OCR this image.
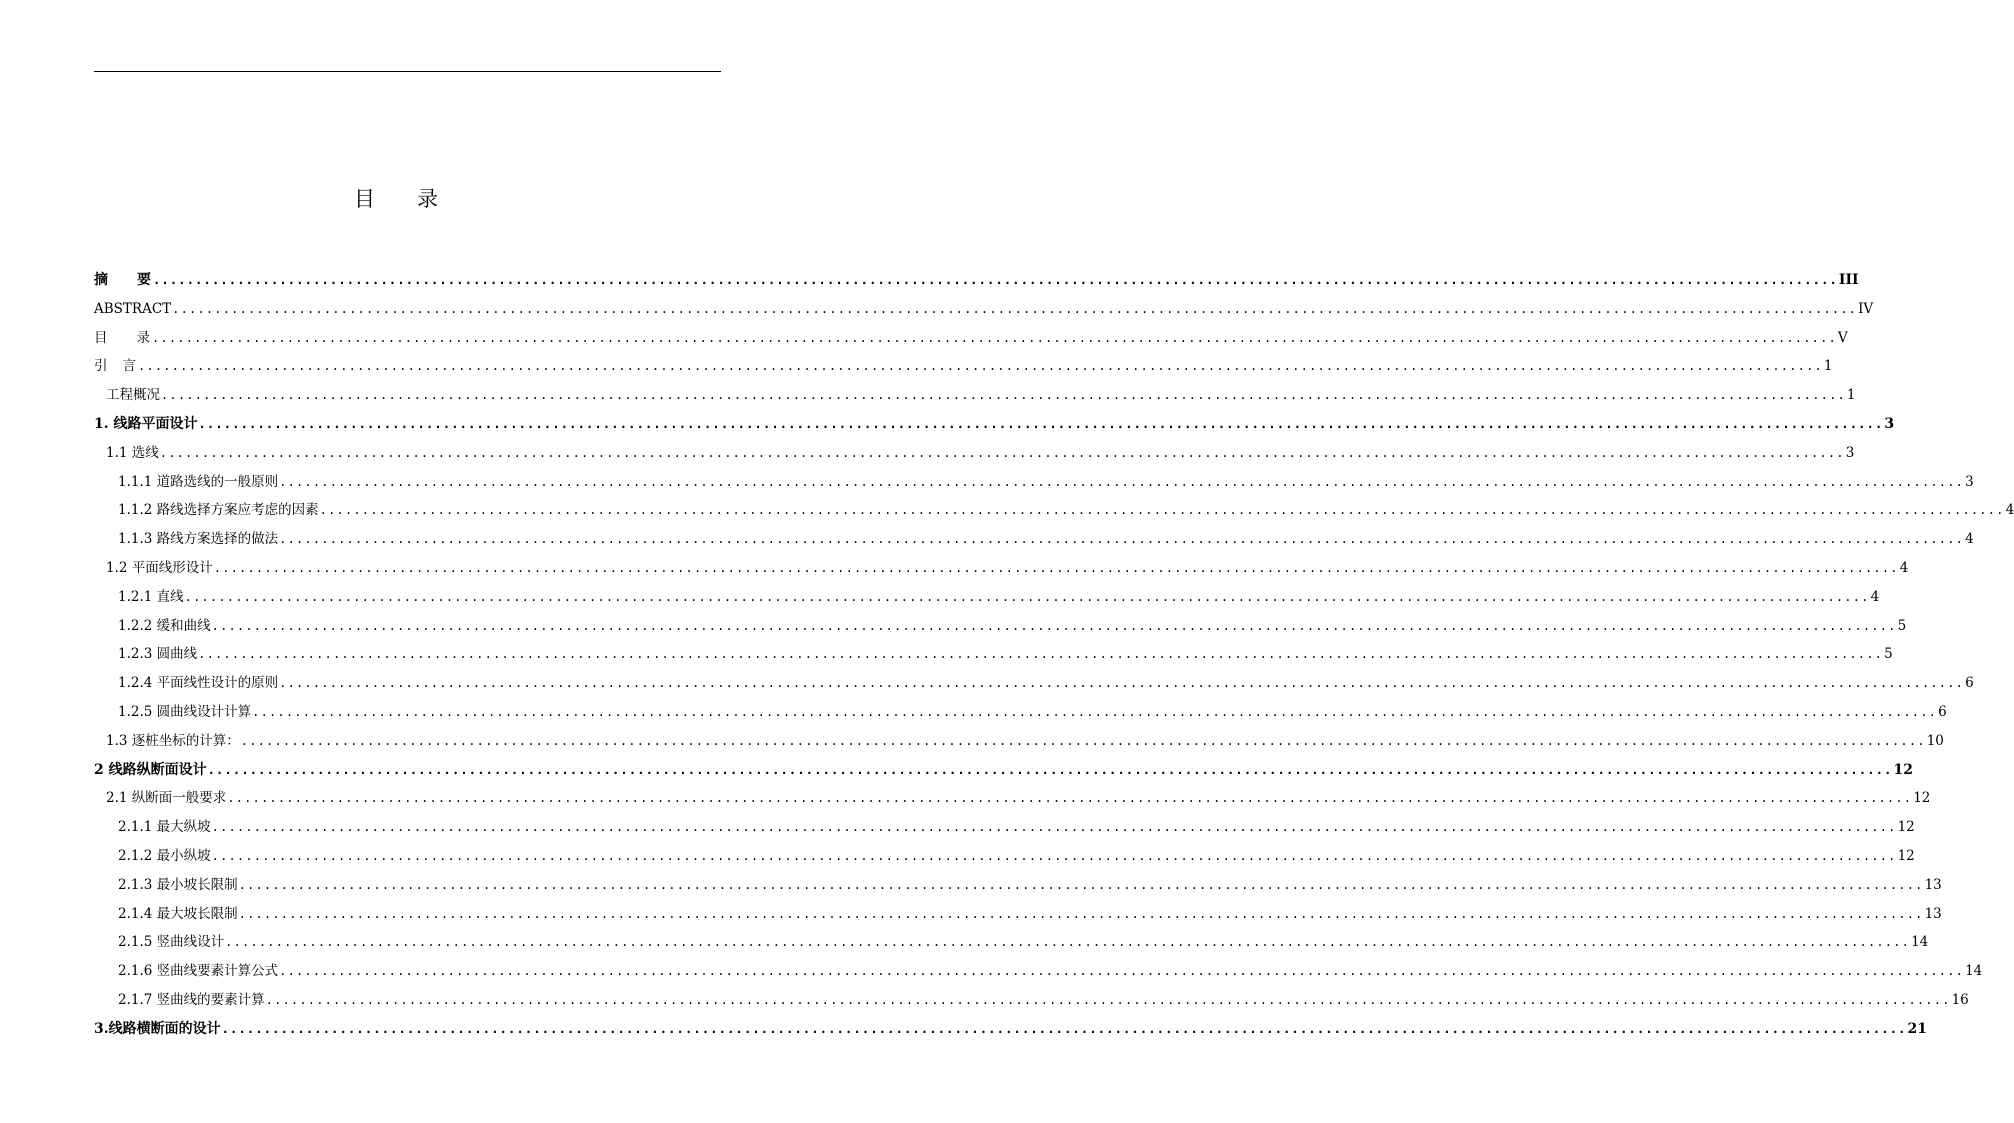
目 录
摘 要 ........................................................................................................................................................................................................ III
ABSTRACT ........................................................................................................................................................................................................ IV
目 录 ........................................................................................................................................................................................................ V
引 言 ........................................................................................................................................................................................................ 1
工程概况 ........................................................................................................................................................................................................ 1
1. 线路平面设计 ........................................................................................................................................................................................................ 3
1.1 选线 ........................................................................................................................................................................................................ 3
1.1.1 道路选线的一般原则 ........................................................................................................................................................................................................ 3
1.1.2 路线选择方案应考虑的因素 ........................................................................................................................................................................................................ 4
1.1.3 路线方案选择的做法 ........................................................................................................................................................................................................ 4
1.2 平面线形设计 ........................................................................................................................................................................................................ 4
1.2.1 直线 ........................................................................................................................................................................................................ 4
1.2.2 缓和曲线 ........................................................................................................................................................................................................ 5
1.2.3 圆曲线 ........................................................................................................................................................................................................ 5
1.2.4 平面线性设计的原则 ........................................................................................................................................................................................................ 6
1.2.5 圆曲线设计计算 ........................................................................................................................................................................................................ 6
1.3 逐桩坐标的计算： ........................................................................................................................................................................................................ 10
2 线路纵断面设计 ........................................................................................................................................................................................................ 12
2.1 纵断面一般要求 ........................................................................................................................................................................................................ 12
2.1.1 最大纵坡 ........................................................................................................................................................................................................ 12
2.1.2 最小纵坡 ........................................................................................................................................................................................................ 12
2.1.3 最小坡长限制 ........................................................................................................................................................................................................ 13
2.1.4 最大坡长限制 ........................................................................................................................................................................................................ 13
2.1.5 竖曲线设计 ........................................................................................................................................................................................................ 14
2.1.6 竖曲线要素计算公式 ........................................................................................................................................................................................................ 14
2.1.7 竖曲线的要素计算 ........................................................................................................................................................................................................ 16
3.线路横断面的设计 ........................................................................................................................................................................................................ 21
